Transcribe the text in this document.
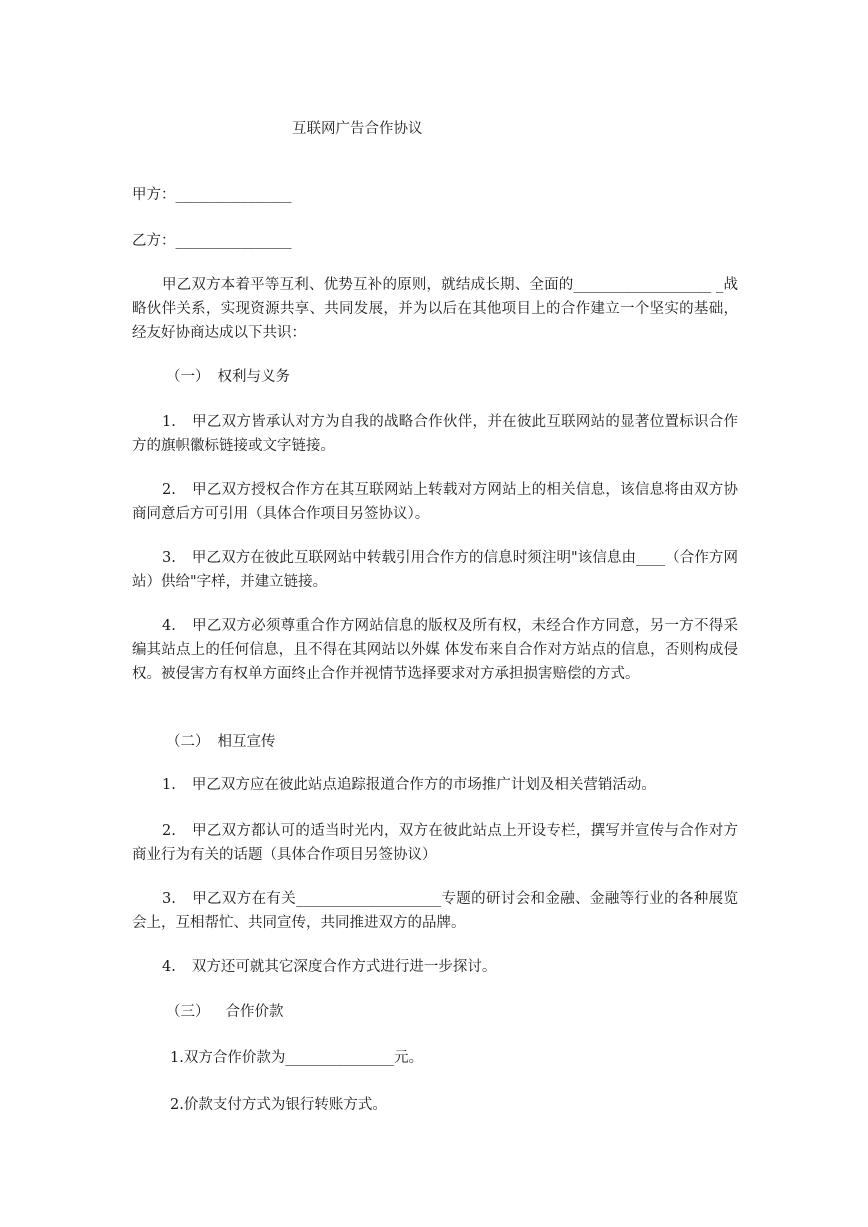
互联网广告合作协议

甲方：________________

乙方：________________

甲乙双方本着平等互利、优势互补的原则，就结成长期、全面的___________________ _战略伙伴关系，实现资源共享、共同发展，并为以后在其他项目上的合作建立一个坚实的基础，经友好协商达成以下共识：

（一） 权利与义务

1. 甲乙双方皆承认对方为自我的战略合作伙伴，并在彼此互联网站的显著位置标识合作方的旗帜徽标链接或文字链接。

2. 甲乙双方授权合作方在其互联网站上转载对方网站上的相关信息，该信息将由双方协商同意后方可引用（具体合作项目另签协议）。

3. 甲乙双方在彼此互联网站中转载引用合作方的信息时须注明"该信息由____（合作方网站）供给"字样，并建立链接。

4. 甲乙双方必须尊重合作方网站信息的版权及所有权，未经合作方同意，另一方不得采编其站点上的任何信息，且不得在其网站以外媒 体发布来自合作对方站点的信息，否则构成侵权。被侵害方有权单方面终止合作并视情节选择要求对方承担损害赔偿的方式。

（二） 相互宣传

1. 甲乙双方应在彼此站点追踪报道合作方的市场推广计划及相关营销活动。

2. 甲乙双方都认可的适当时光内，双方在彼此站点上开设专栏，撰写并宣传与合作对方商业行为有关的话题（具体合作项目另签协议）

3. 甲乙双方在有关____________________专题的研讨会和金融、金融等行业的各种展览会上，互相帮忙、共同宣传，共同推进双方的品牌。

4. 双方还可就其它深度合作方式进行进一步探讨。

（三） 合作价款

1.双方合作价款为_______________元。

2.价款支付方式为银行转账方式。
